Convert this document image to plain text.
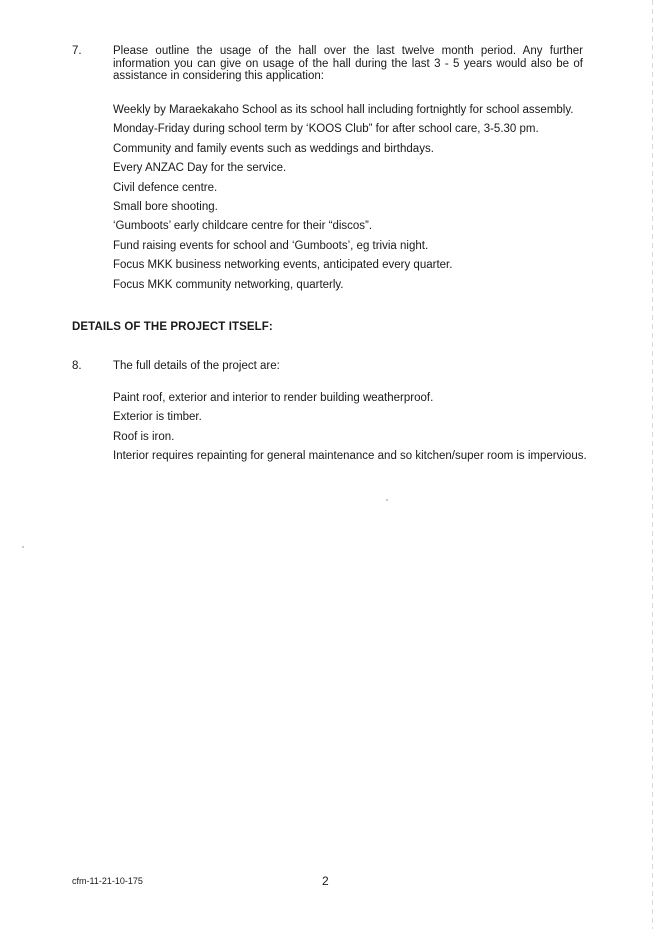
7.	Please outline the usage of the hall over the last twelve month period. Any further information you can give on usage of the hall during the last 3 - 5 years would also be of assistance in considering this application:
Weekly by Maraekakaho School as its school hall including fortnightly for school assembly.
Monday-Friday during school term by ‘KOOS Club” for after school care, 3-5.30 pm.
Community and family events such as weddings and birthdays.
Every ANZAC Day for the service.
Civil defence centre.
Small bore shooting.
‘Gumboots’ early childcare centre for their “discos”.
Fund raising events for school and ‘Gumboots’, eg trivia night.
Focus MKK business networking events, anticipated every quarter.
Focus MKK community networking, quarterly.
DETAILS OF THE PROJECT ITSELF:
8.	The full details of the project are:
Paint roof, exterior and interior to render building weatherproof.
Exterior is timber.
Roof is iron.
Interior requires repainting for general maintenance and so kitchen/super room is impervious.
cfm-11-21-10-175	2
